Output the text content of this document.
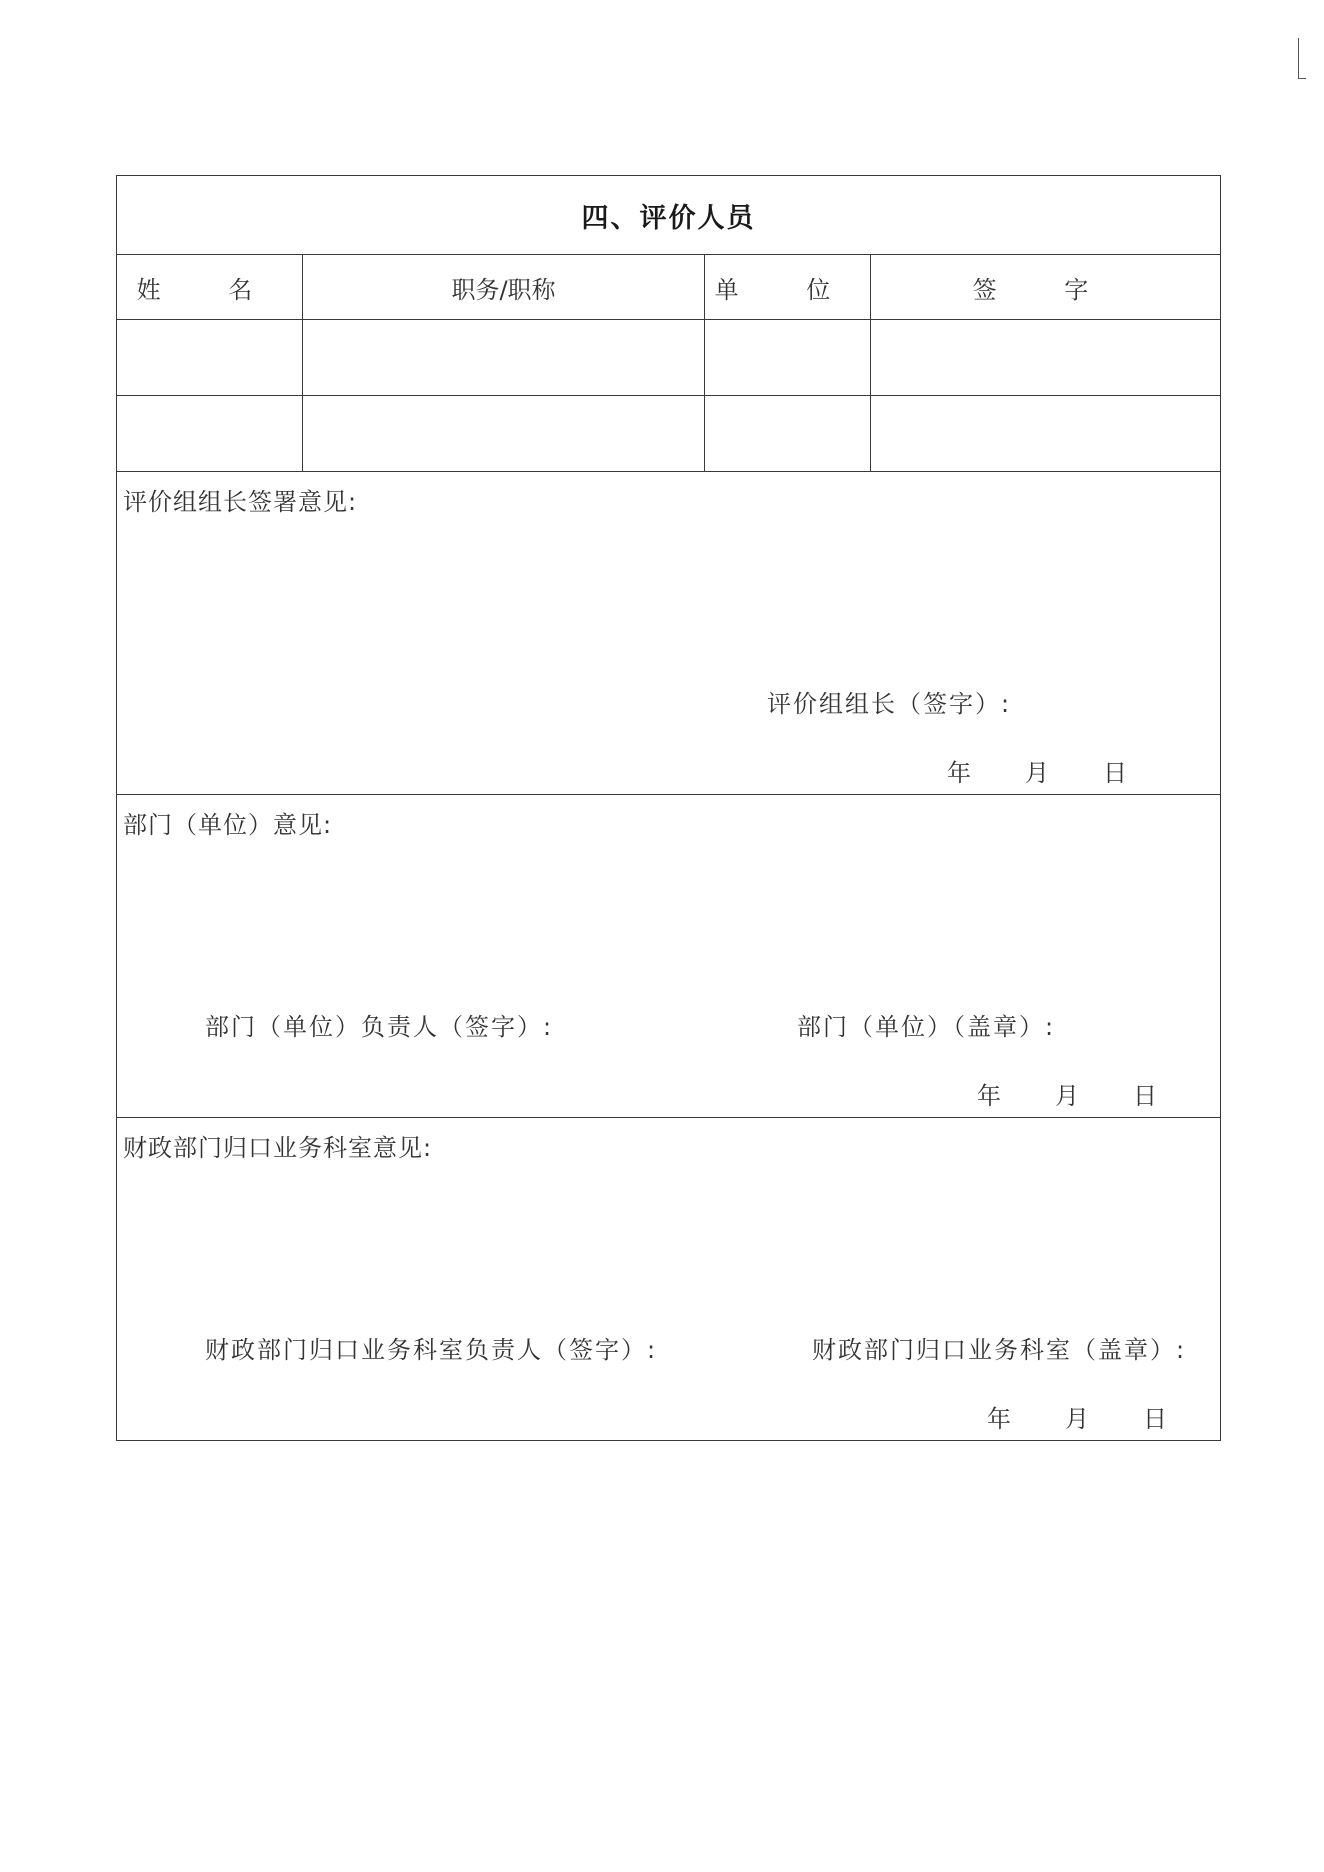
四、评价人员			
姓 名	职务/职称	单 位	签 字

评价组组长签署意见:
评价组组长（签字）:
年 月 日			

部门（单位）意见:
部门（单位）负责人（签字）: 部门（单位）（盖章）:
年 月 日			

财政部门归口业务科室意见:
财政部门归口业务科室负责人（签字）: 财政部门归口业务科室（盖章）:
年 月 日			
